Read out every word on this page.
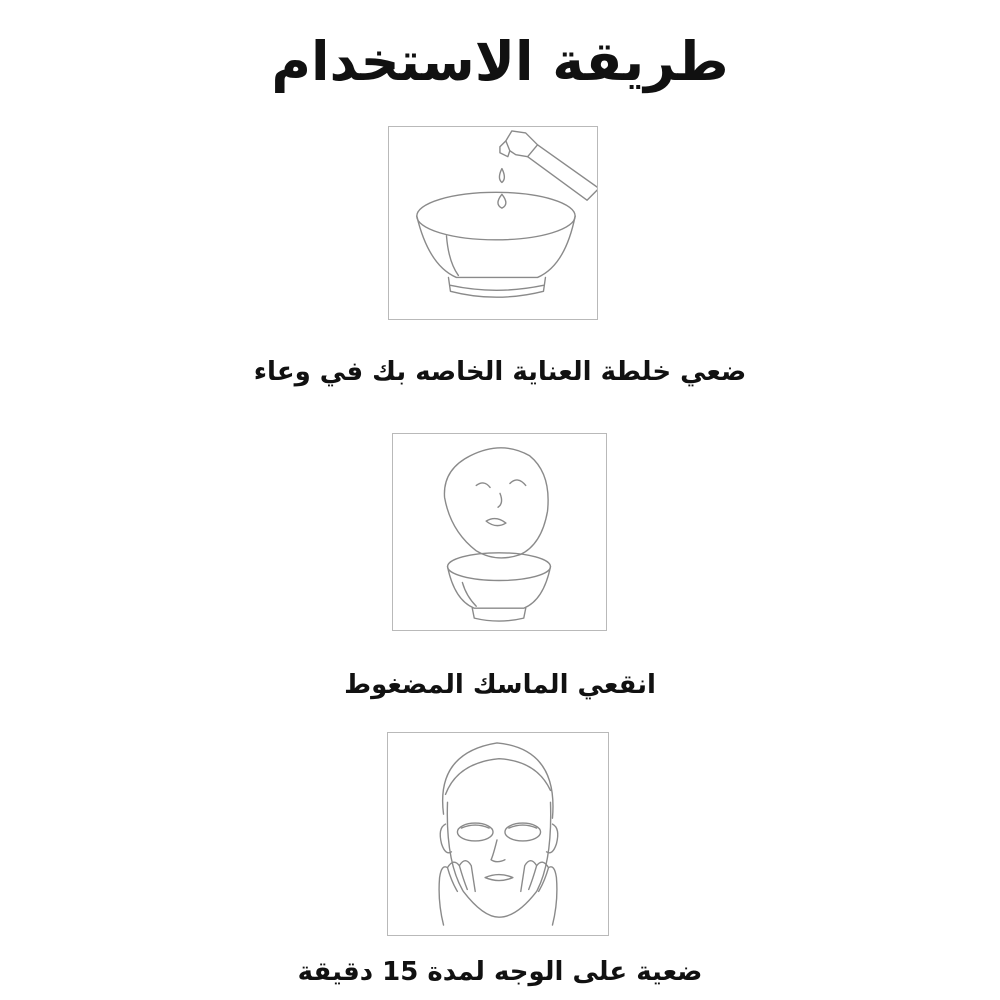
طريقة الاستخدام
ضعي خلطة العناية الخاصه بك في وعاء
انقعي الماسك المضغوط
ضعية على الوجه لمدة 15 دقيقة
